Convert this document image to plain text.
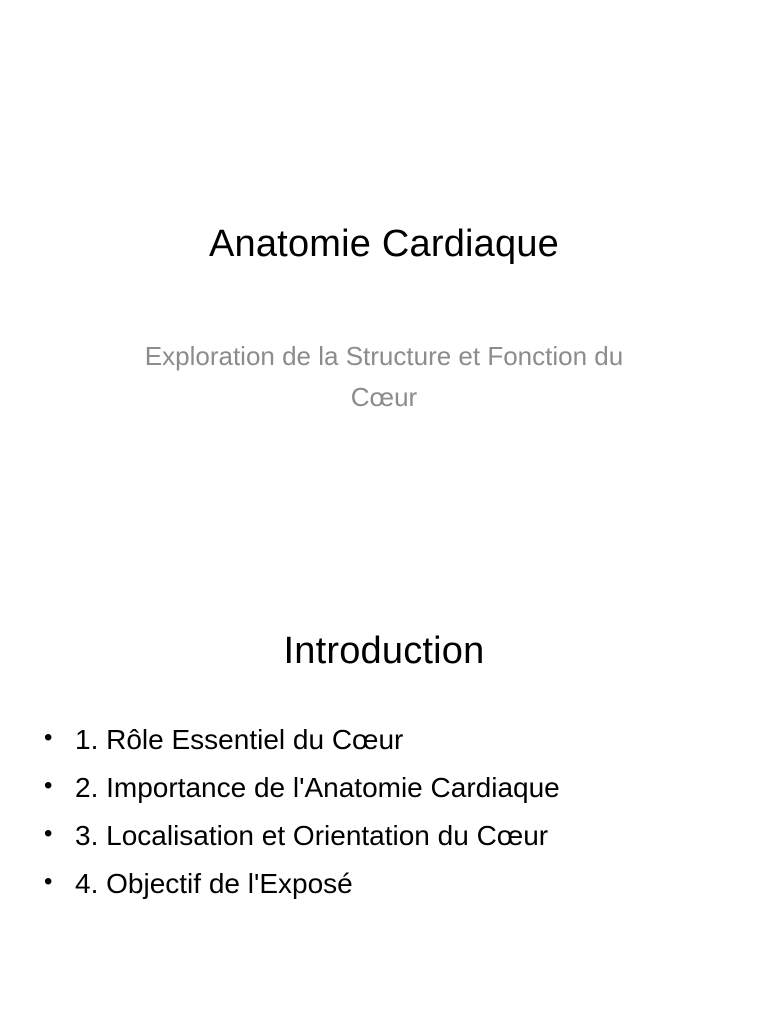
Anatomie Cardiaque

Exploration de la Structure et Fonction du Cœur

Introduction
• 1. Rôle Essentiel du Cœur
• 2. Importance de l'Anatomie Cardiaque
• 3. Localisation et Orientation du Cœur
• 4. Objectif de l'Exposé
